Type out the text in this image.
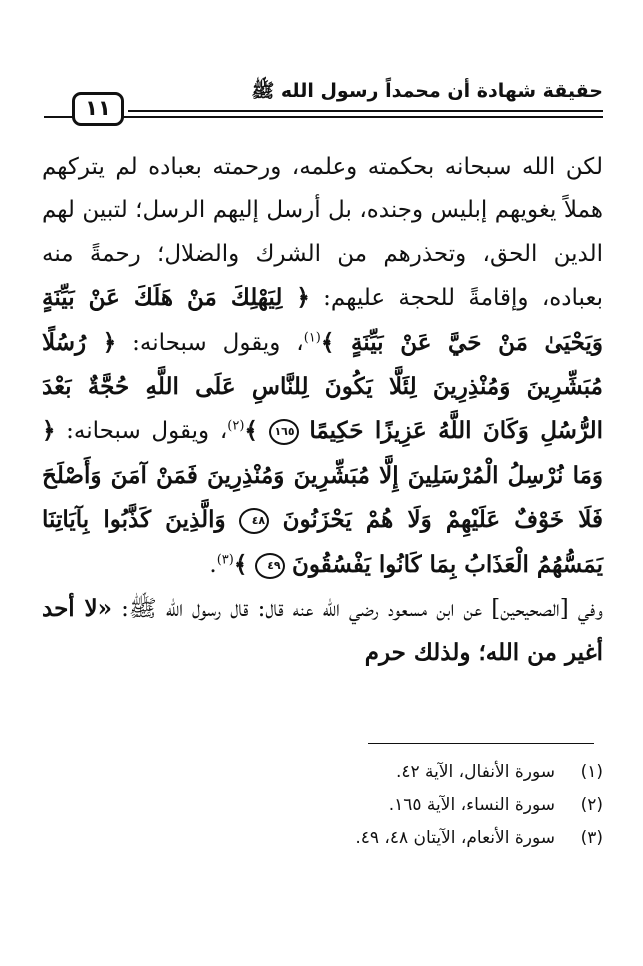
حقيقة شهادة أن محمداً رسول الله ﷺ
١١

لكن الله سبحانه بحكمته وعلمه، ورحمته بعباده لم يتركهم هملاً يغويهم إبليس وجنده، بل أرسل إليهم الرسل؛ لتبين لهم الدين الحق، وتحذرهم من الشرك والضلال؛ رحمةً منه بعباده، وإقامةً للحجة عليهم: ﴿ لِيَهْلِكَ مَنْ هَلَكَ عَنْ بَيِّنَةٍ وَيَحْيَىٰ مَنْ حَيَّ عَنْ بَيِّنَةٍ ﴾$^{(١)}$، ويقول سبحانه: ﴿ رُسُلًا مُبَشِّرِينَ وَمُنْذِرِينَ لِئَلَّا يَكُونَ لِلنَّاسِ عَلَى اللَّهِ حُجَّةٌ بَعْدَ الرُّسُلِ وَكَانَ اللَّهُ عَزِيزًا حَكِيمًا ١٦٥ ﴾$^{(٢)}$، ويقول سبحانه: ﴿ وَمَا نُرْسِلُ الْمُرْسَلِينَ إِلَّا مُبَشِّرِينَ وَمُنْذِرِينَ فَمَنْ آمَنَ وَأَصْلَحَ فَلَا خَوْفٌ عَلَيْهِمْ وَلَا هُمْ يَحْزَنُونَ ٤٨ وَالَّذِينَ كَذَّبُوا بِآيَاتِنَا يَمَسُّهُمُ الْعَذَابُ بِمَا كَانُوا يَفْسُقُونَ ٤٩ ﴾$^{(٣)}$.

وفي [الصحيحين] عن ابن مسعود رضي الله عنه قال: قال رسول الله ﷺ: «لا أحد أغير من الله؛ ولذلك حرم

(١)
سورة الأنفال، الآية ٤٢.
(٢)
سورة النساء، الآية ١٦٥.
(٣)
سورة الأنعام، الآيتان ٤٨، ٤٩.
